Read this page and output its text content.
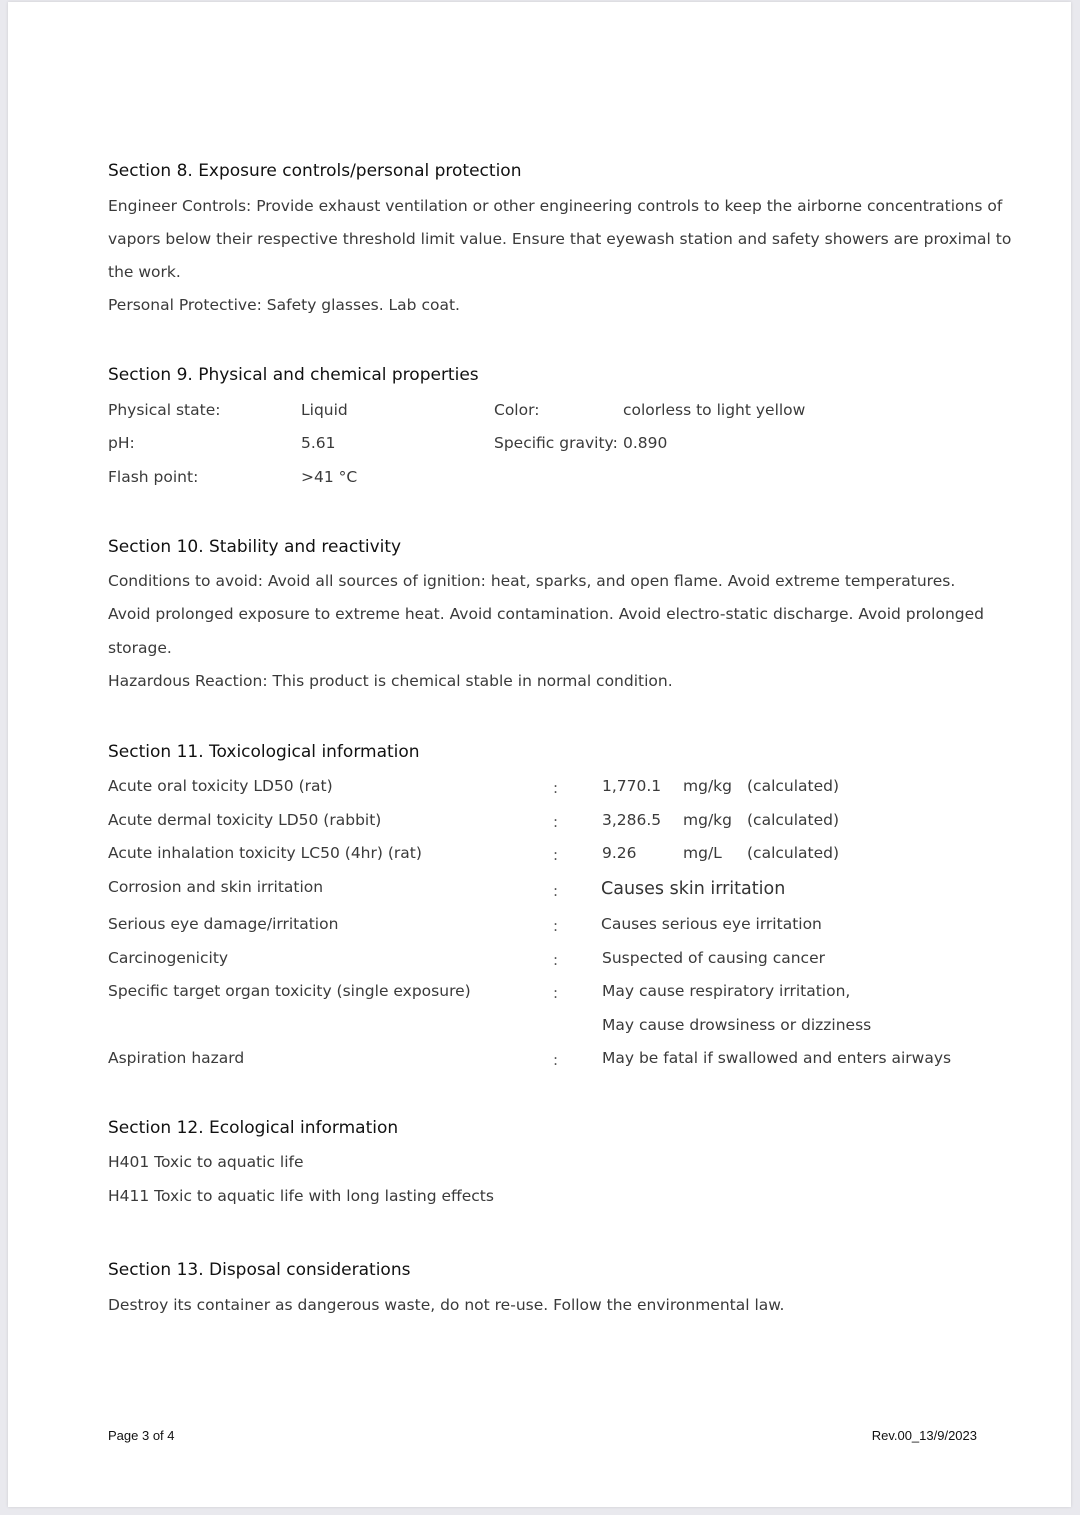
Section 8. Exposure controls/personal protection
Engineer Controls: Provide exhaust ventilation or other engineering controls to keep the airborne concentrations of
vapors below their respective threshold limit value. Ensure that eyewash station and safety showers are proximal to
the work.
Personal Protective: Safety glasses. Lab coat.
Section 9. Physical and chemical properties
Physical state:	Liquid	Color:	colorless to light yellow
pH:	5.61	Specific gravity: 0.890
Flash point:	>41 °C
Section 10. Stability and reactivity
Conditions to avoid: Avoid all sources of ignition: heat, sparks, and open flame. Avoid extreme temperatures.
Avoid prolonged exposure to extreme heat. Avoid contamination. Avoid electro-static discharge. Avoid prolonged
storage.
Hazardous Reaction: This product is chemical stable in normal condition.
Section 11. Toxicological information
Acute oral toxicity LD50 (rat)	:	1,770.1 mg/kg (calculated)
Acute dermal toxicity LD50 (rabbit)	:	3,286.5 mg/kg (calculated)
Acute inhalation toxicity LC50 (4hr) (rat)	:	9.26	mg/L (calculated)
Corrosion and skin irritation	: Causes skin irritation
Serious eye damage/irritation	:	Causes serious eye irritation
Carcinogenicity	:	Suspected of causing cancer
Specific target organ toxicity (single exposure)	:	May cause respiratory irritation,
May cause drowsiness or dizziness
Aspiration hazard	:	May be fatal if swallowed and enters airways
Section 12. Ecological information
H401 Toxic to aquatic life
H411 Toxic to aquatic life with long lasting effects
Section 13. Disposal considerations
Destroy its container as dangerous waste, do not re-use. Follow the environmental law.
Page 3 of 4	Rev.00_13/9/2023
